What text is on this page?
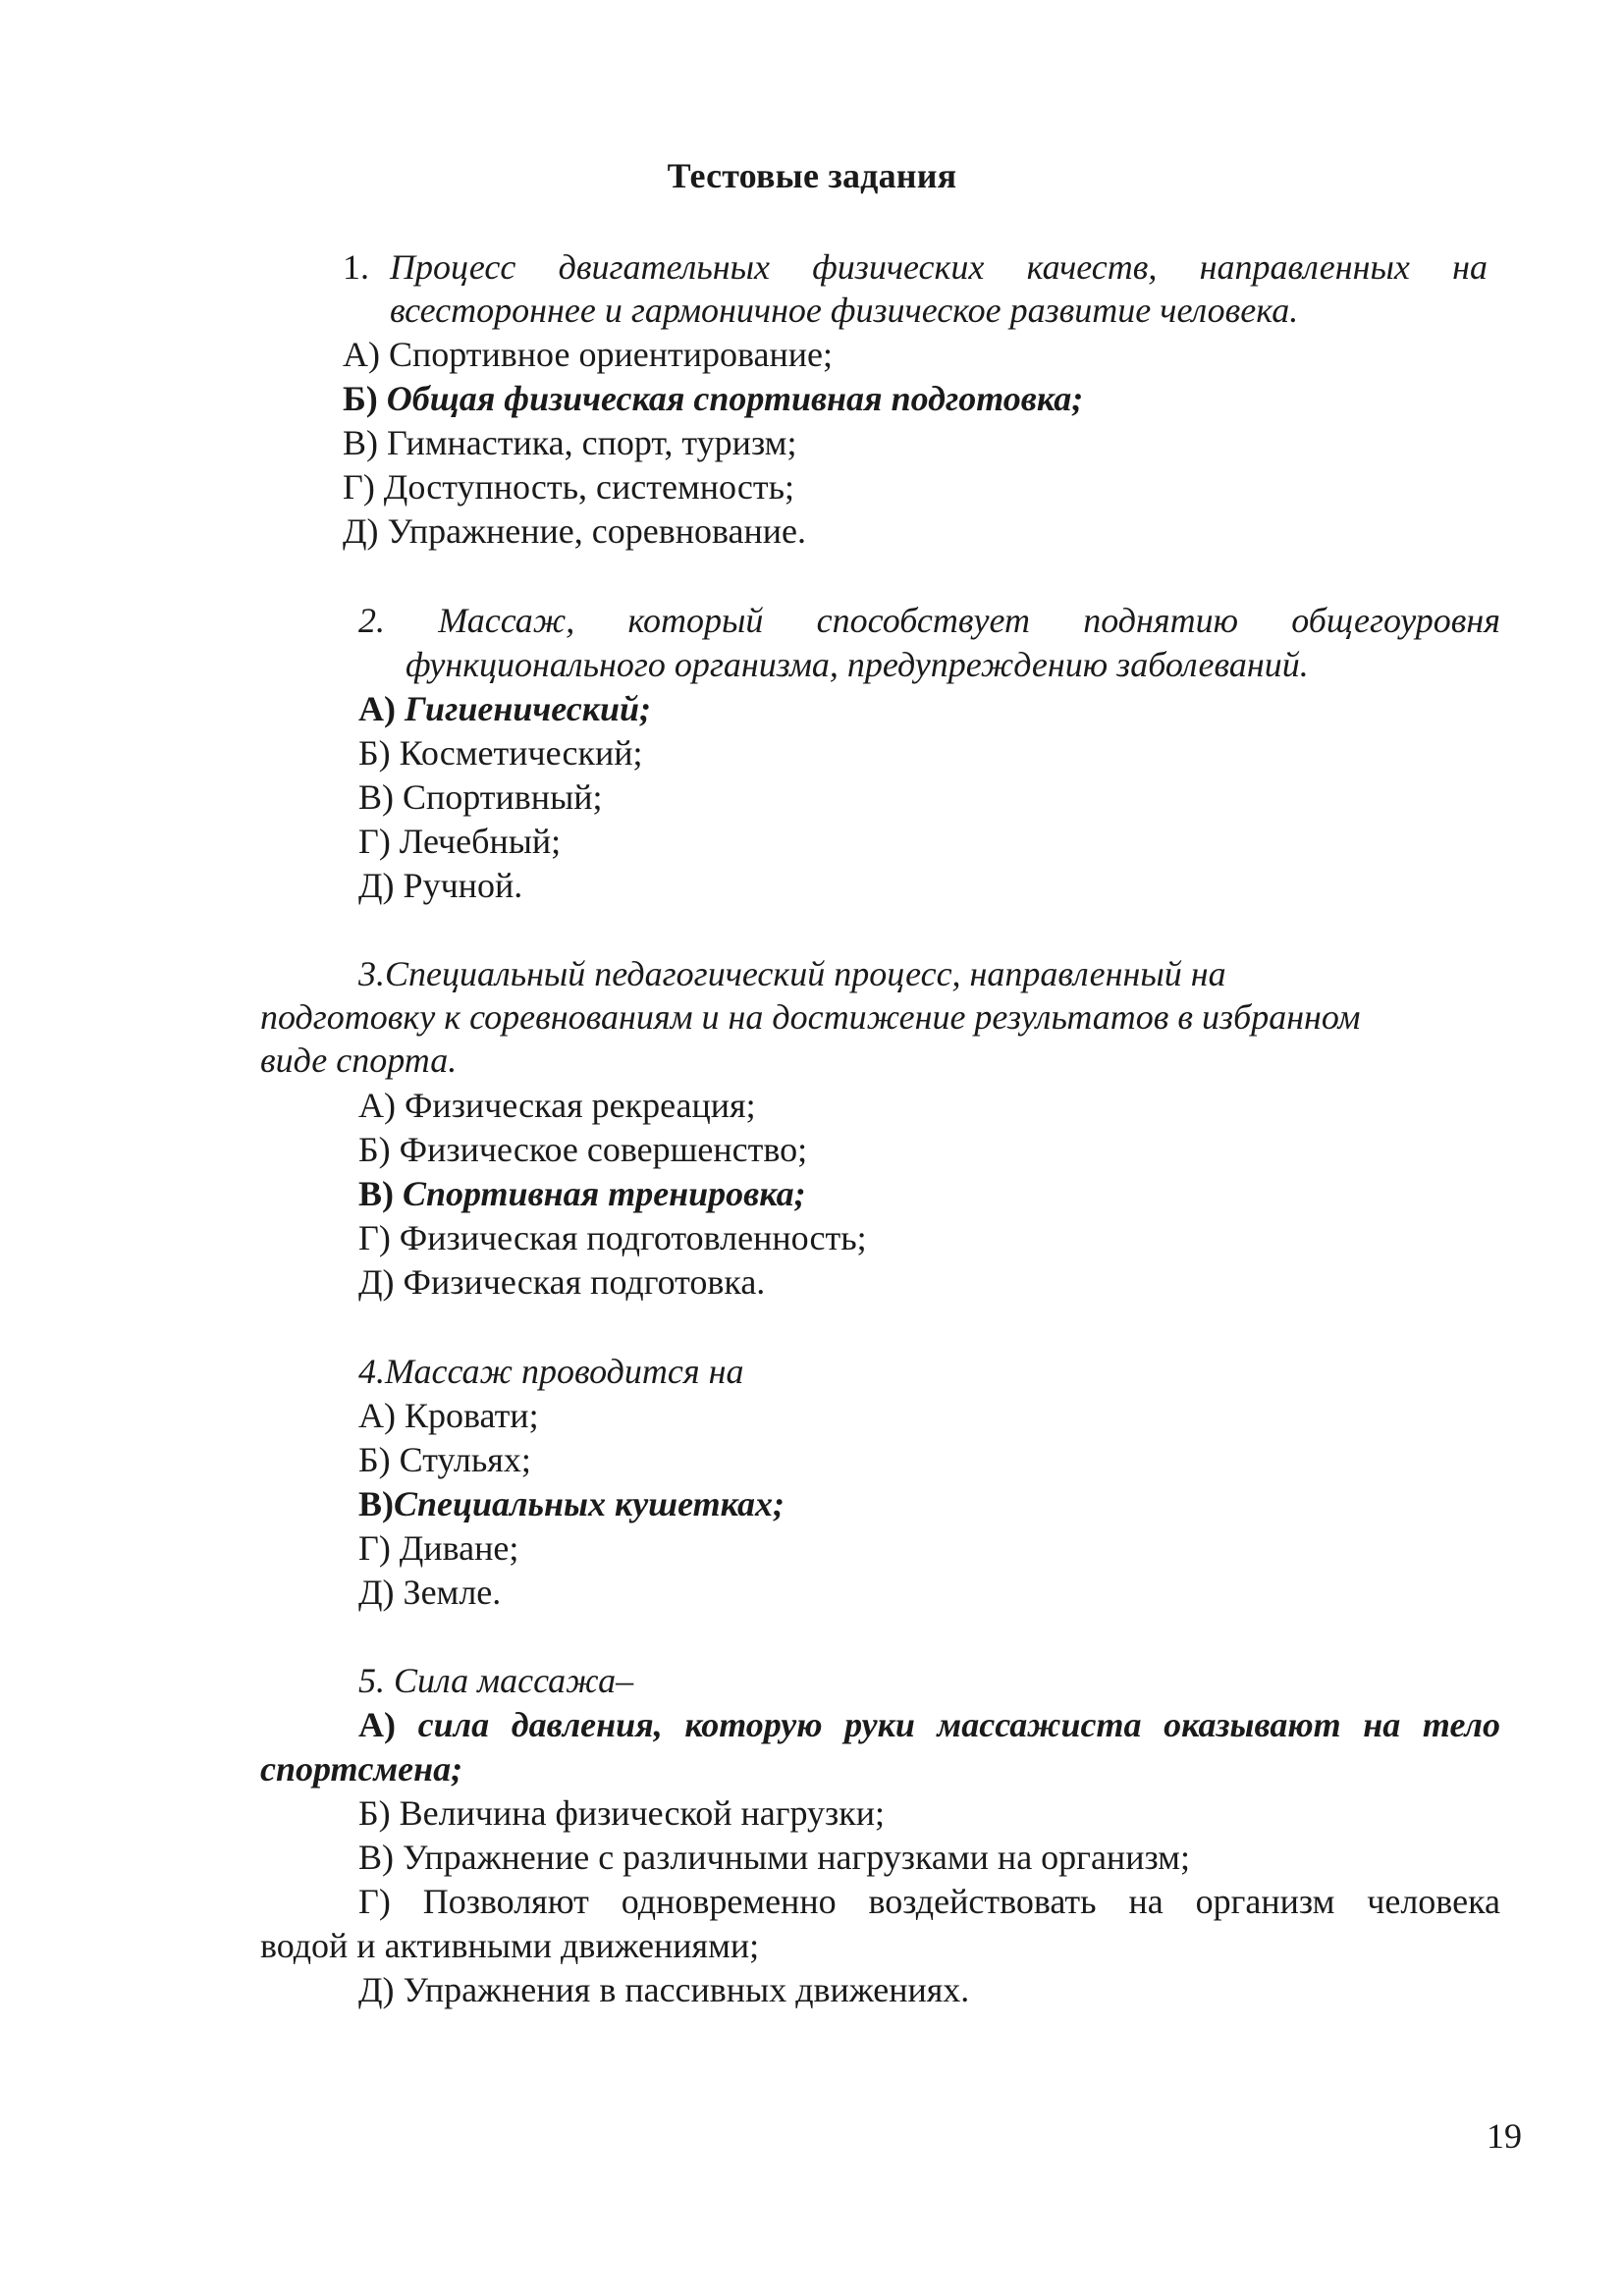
Тестовые задания
1. Процесс двигательных физических качеств, направленных на
всестороннее и гармоничное физическое развитие человека.
А) Спортивное ориентирование;
Б) Общая физическая спортивная подготовка;
В) Гимнастика, спорт, туризм;
Г) Доступность, системность;
Д) Упражнение, соревнование.
2. Массаж, который способствует поднятию общегоуровня
функционального организма, предупреждению заболеваний.
А) Гигиенический;
Б) Косметический;
В) Спортивный;
Г) Лечебный;
Д) Ручной.
3.Специальный педагогический процесс, направленный на
подготовку к соревнованиям и на достижение результатов в избранном
виде спорта.
А) Физическая рекреация;
Б) Физическое совершенство;
В) Спортивная тренировка;
Г) Физическая подготовленность;
Д) Физическая подготовка.
4.Массаж проводится на
А) Кровати;
Б) Стульях;
В)Специальных кушетках;
Г) Диване;
Д) Земле.
5. Сила массажа–
А) сила давления, которую руки массажиста оказывают на тело
спортсмена;
Б) Величина физической нагрузки;
В) Упражнение с различными нагрузками на организм;
Г) Позволяют одновременно воздействовать на организм человека
водой и активными движениями;
Д) Упражнения в пассивных движениях.
19
